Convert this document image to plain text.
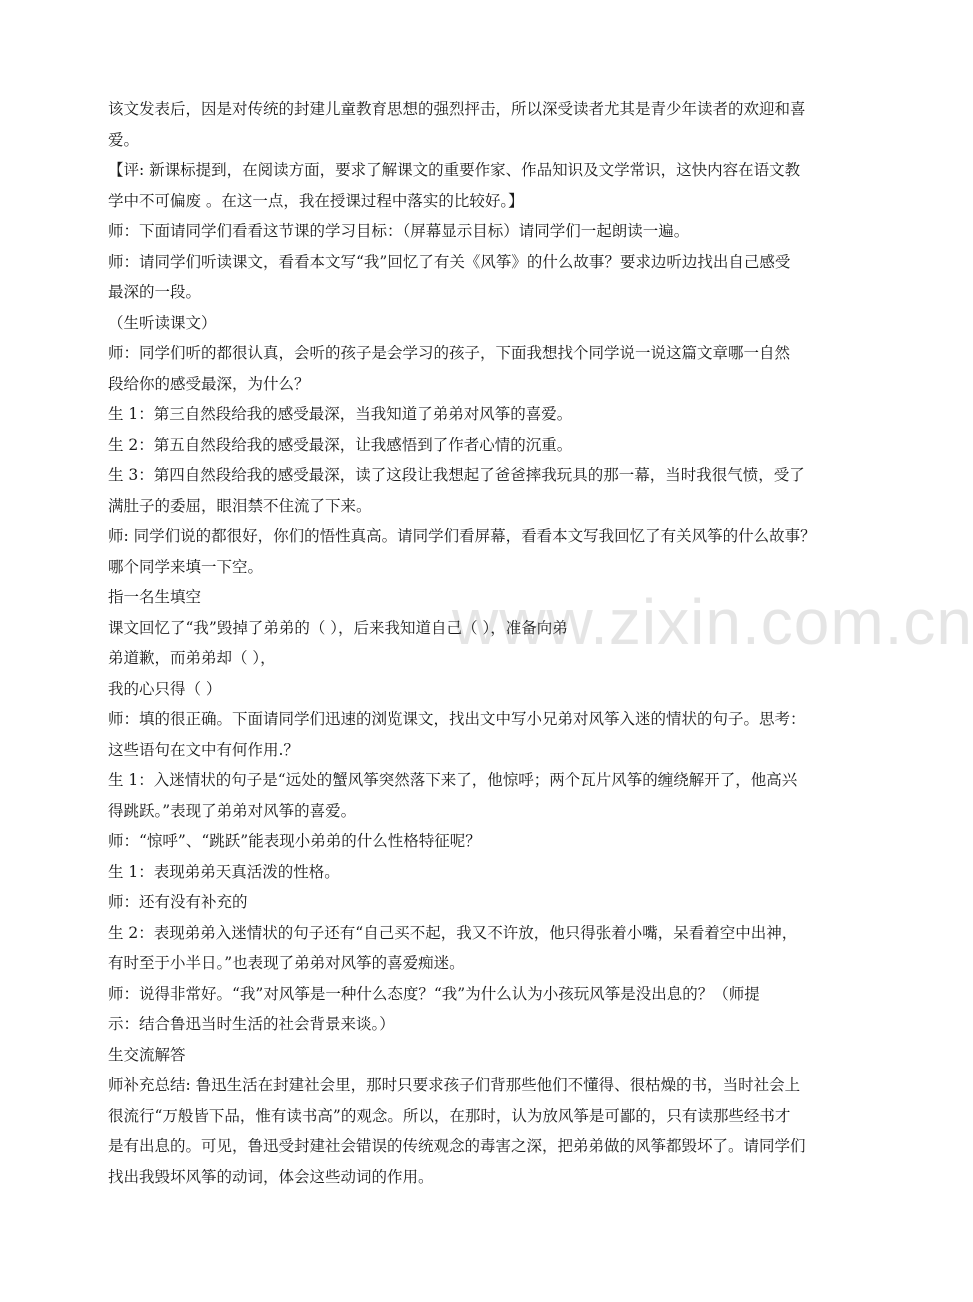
www.zixin.com.cn

该文发表后，因是对传统的封建儿童教育思想的强烈抨击，所以深受读者尤其是青少年读者的欢迎和喜

爱。

【评: 新课标提到，在阅读方面，要求了解课文的重要作家、作品知识及文学常识，这快内容在语文教

学中不可偏废 。在这一点，我在授课过程中落实的比较好。】

师：下面请同学们看看这节课的学习目标：（屏幕显示目标）请同学们一起朗读一遍。

师：请同学们听读课文，看看本文写“我”回忆了有关《风筝》的什么故事？要求边听边找出自己感受

最深的一段。

（生听读课文）

师：同学们听的都很认真，会听的孩子是会学习的孩子，下面我想找个同学说一说这篇文章哪一自然

段给你的感受最深，为什么？

生 1：第三自然段给我的感受最深，当我知道了弟弟对风筝的喜爱。

生 2：第五自然段给我的感受最深，让我感悟到了作者心情的沉重。

生 3：第四自然段给我的感受最深，读了这段让我想起了爸爸摔我玩具的那一幕，当时我很气愤，受了

满肚子的委屈，眼泪禁不住流了下来。

师: 同学们说的都很好，你们的悟性真高。请同学们看屏幕，看看本文写我回忆了有关风筝的什么故事？

哪个同学来填一下空。

指一名生填空

课文回忆了“我”毁掉了弟弟的（ ），后来我知道自己（ ），准备向弟

弟道歉，而弟弟却（ ），

我的心只得（ ）

师：填的很正确。下面请同学们迅速的浏览课文，找出文中写小兄弟对风筝入迷的情状的句子。思考：

这些语句在文中有何作用.？

生 1：入迷情状的句子是“远处的蟹风筝突然落下来了，他惊呼；两个瓦片风筝的缠绕解开了，他高兴

得跳跃。”表现了弟弟对风筝的喜爱。

师：“惊呼”、“跳跃”能表现小弟弟的什么性格特征呢？

生 1：表现弟弟天真活泼的性格。

师：还有没有补充的

生 2：表现弟弟入迷情状的句子还有“自己买不起，我又不许放，他只得张着小嘴，呆看着空中出神，

有时至于小半日。”也表现了弟弟对风筝的喜爱痴迷。

师：说得非常好。“我”对风筝是一种什么态度？“我”为什么认为小孩玩风筝是没出息的？（师提

示：结合鲁迅当时生活的社会背景来谈。）

生交流解答

师补充总结: 鲁迅生活在封建社会里，那时只要求孩子们背那些他们不懂得、很枯燥的书，当时社会上

很流行“万般皆下品，惟有读书高”的观念。所以，在那时，认为放风筝是可鄙的，只有读那些经书才

是有出息的。可见，鲁迅受封建社会错误的传统观念的毒害之深，把弟弟做的风筝都毁坏了。请同学们

找出我毁坏风筝的动词，体会这些动词的作用。
